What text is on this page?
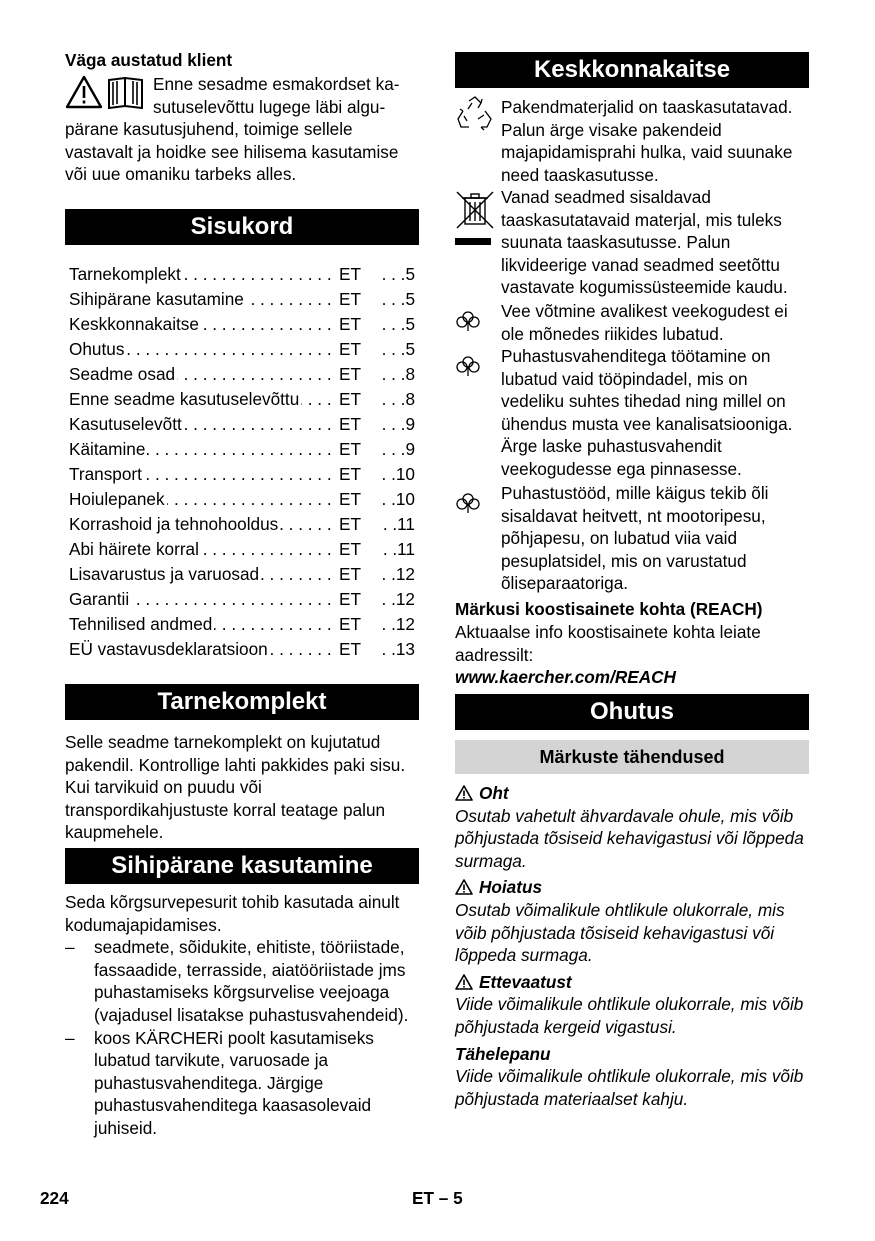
Väga austatud klient
Enne sesadme esmakordset ka-
sutuselevõttu lugege läbi algu-

pärane kasutusjuhend, toimige sellele vastavalt ja hoidke see hilisema kasutamise või uue omaniku tarbeks alles.

Sisukord
Tarnekomplekt . . .	ET	. . .5
Sihipärane kasutamine . . .	ET	. . .5
Keskkonnakaitse . . .	ET	. . .5
Ohutus . . .	ET	. . .5
Seadme osad . . .	ET	. . .8
Enne seadme kasutuselevõttu . . .	ET	. . .8
Kasutuselevõtt . . .	ET	. . .9
Käitamine . . .	ET	. . .9
Transport . . .	ET	. .10
Hoiulepanek . . .	ET	. .10
Korrashoid ja tehnohooldus . . .	ET	. .11
Abi häirete korral . . .	ET	. .11
Lisavarustus ja varuosad . . .	ET	. .12
Garantii . . .	ET	. .12
Tehnilised andmed . . .	ET	. .12
EÜ vastavusdeklaratsioon . . .	ET	. .13
Tarnekomplekt
Selle seadme tarnekomplekt on kujutatud pakendil. Kontrollige lahti pakkides paki sisu.
Kui tarvikuid on puudu või transpordikahjustuste korral teatage palun kaupmehele.
Sihipärane kasutamine
Seda kõrgsurvepesurit tohib kasutada ainult kodumajapidamises.
– seadmete, sõidukite, ehitiste, tööriistade, fassaadide, terrasside, aiatööriistade jms puhastamiseks kõrgsurvelise veejoaga (vajadusel lisatakse puhastusvahendeid).
– koos KÄRCHERi poolt kasutamiseks lubatud tarvikute, varuosade ja puhastusvahenditega. Järgige puhastusvahenditega kaasasolevaid juhiseid.
Keskkonnakaitse

Pakendmaterjalid on taaskasutatavad. Palun ärge visake pakendeid majapidamisprahi hulka, vaid suunake need taaskasutusse.

Vanad seadmed sisaldavad taaskasutatavaid materjal, mis tuleks suunata taaskasutusse. Palun likvideerige vanad seadmed seetõttu vastavate kogumissüsteemide kaudu.

Vee võtmine avalikest veekogudest ei ole mõnedes riikides lubatud.

Puhastusvahenditega töötamine on lubatud vaid tööpindadel, mis on vedeliku suhtes tihedad ning millel on ühendus musta vee kanalisatsiooniga. Ärge laske puhastusvahendit veekogudesse ega pinnasesse.

Puhastustööd, mille käigus tekib õli sisaldavat heitvett, nt mootoripesu, põhjapesu, on lubatud viia vaid pesuplatsidel, mis on varustatud õliseparaatoriga.

Märkusi koostisainete kohta (REACH)

Aktuaalse info koostisainete kohta leiate aadressilt:

www.kaercher.com/REACH
Ohutus
Märkuste tähendused
Oht
Osutab vahetult ähvardavale ohule, mis võib põhjustada tõsiseid kehavigastusi või lõppeda surmaga.
Hoiatus
Osutab võimalikule ohtlikule olukorrale, mis võib põhjustada tõsiseid kehavigastusi või lõppeda surmaga.
Ettevaatust
Viide võimalikule ohtlikule olukorrale, mis võib põhjustada kergeid vigastusi.
Tähelepanu
Viide võimalikule ohtlikule olukorrale, mis võib põhjustada materiaalset kahju.
224	ET – 5
